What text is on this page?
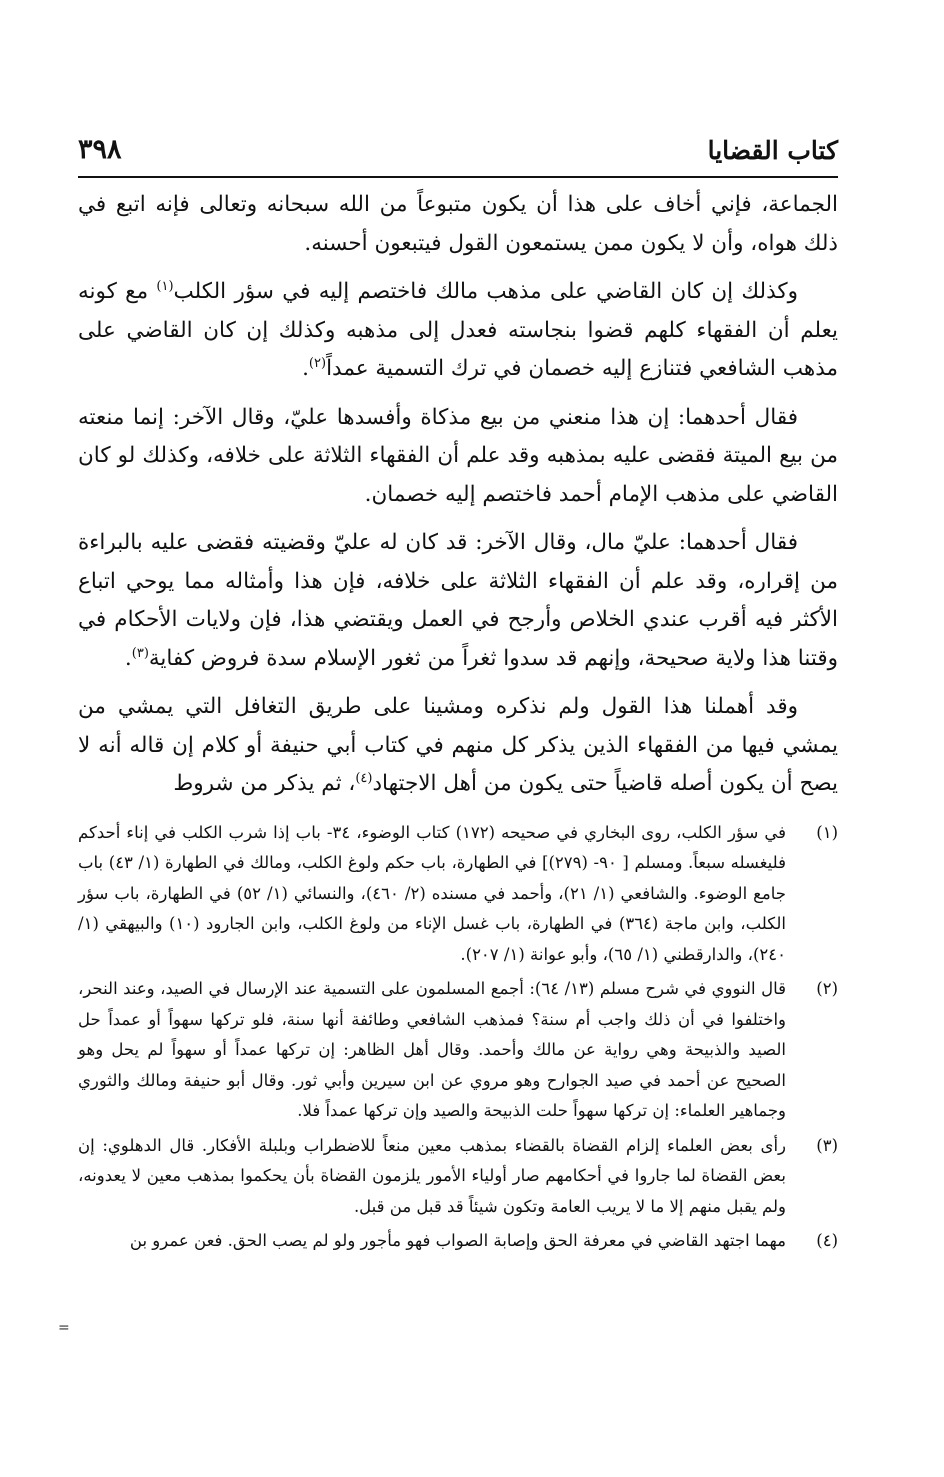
كتاب القضايا
٣٩٨

الجماعة، فإني أخاف على هذا أن يكون متبوعاً من الله سبحانه وتعالى فإنه اتبع في ذلك هواه، وأن لا يكون ممن يستمعون القول فيتبعون أحسنه.

وكذلك إن كان القاضي على مذهب مالك فاختصم إليه في سؤر الكلب$^{(١)}$ مع كونه يعلم أن الفقهاء كلهم قضوا بنجاسته فعدل إلى مذهبه وكذلك إن كان القاضي على مذهب الشافعي فتنازع إليه خصمان في ترك التسمية عمداً$^{(٢)}$.

فقال أحدهما: إن هذا منعني من بيع مذكاة وأفسدها عليّ، وقال الآخر: إنما منعته من بيع الميتة فقضى عليه بمذهبه وقد علم أن الفقهاء الثلاثة على خلافه، وكذلك لو كان القاضي على مذهب الإمام أحمد فاختصم إليه خصمان.

فقال أحدهما: عليّ مال، وقال الآخر: قد كان له عليّ وقضيته فقضى عليه بالبراءة من إقراره، وقد علم أن الفقهاء الثلاثة على خلافه، فإن هذا وأمثاله مما يوحي اتباع الأكثر فيه أقرب عندي الخلاص وأرجح في العمل ويقتضي هذا، فإن ولايات الأحكام في وقتنا هذا ولاية صحيحة، وإنهم قد سدوا ثغراً من ثغور الإسلام سدة فروض كفاية$^{(٣)}$.

وقد أهملنا هذا القول ولم نذكره ومشينا على طريق التغافل التي يمشي من يمشي فيها من الفقهاء الذين يذكر كل منهم في كتاب أبي حنيفة أو كلام إن قاله أنه لا يصح أن يكون أصله قاضياً حتى يكون من أهل الاجتهاد$^{(٤)}$، ثم يذكر من شروط

(١)
في سؤر الكلب، روى البخاري في صحيحه (١٧٢) كتاب الوضوء، ٣٤- باب إذا شرب الكلب في إناء أحدكم فليغسله سبعاً. ومسلم [ ٩٠- (٢٧٩)] في الطهارة، باب حكم ولوغ الكلب، ومالك في الطهارة (١/ ٤٣) باب جامع الوضوء. والشافعي (١/ ٢١)، وأحمد في مسنده (٢/ ٤٦٠)، والنسائي (١/ ٥٢) في الطهارة، باب سؤر الكلب، وابن ماجة (٣٦٤) في الطهارة، باب غسل الإناء من ولوغ الكلب، وابن الجارود (١٠) والبيهقي (١/ ٢٤٠)، والدارقطني (١/ ٦٥)، وأبو عوانة (١/ ٢٠٧).
(٢)
قال النووي في شرح مسلم (١٣/ ٦٤): أجمع المسلمون على التسمية عند الإرسال في الصيد، وعند النحر، واختلفوا في أن ذلك واجب أم سنة؟ فمذهب الشافعي وطائفة أنها سنة، فلو تركها سهواً أو عمداً حل الصيد والذبيحة وهي رواية عن مالك وأحمد. وقال أهل الظاهر: إن تركها عمداً أو سهواً لم يحل وهو الصحيح عن أحمد في صيد الجوارح وهو مروي عن ابن سيرين وأبي ثور. وقال أبو حنيفة ومالك والثوري وجماهير العلماء: إن تركها سهواً حلت الذبيحة والصيد وإن تركها عمداً فلا.
(٣)
رأى بعض العلماء إلزام القضاة بالقضاء بمذهب معين منعاً للاضطراب وبلبلة الأفكار. قال الدهلوي: إن بعض القضاة لما جاروا في أحكامهم صار أولياء الأمور يلزمون القضاة بأن يحكموا بمذهب معين لا يعدونه، ولم يقبل منهم إلا ما لا يريب العامة وتكون شيئاً قد قبل من قبل.
(٤)
مهما اجتهد القاضي في معرفة الحق وإصابة الصواب فهو مأجور ولو لم يصب الحق. فعن عمرو بن
=
